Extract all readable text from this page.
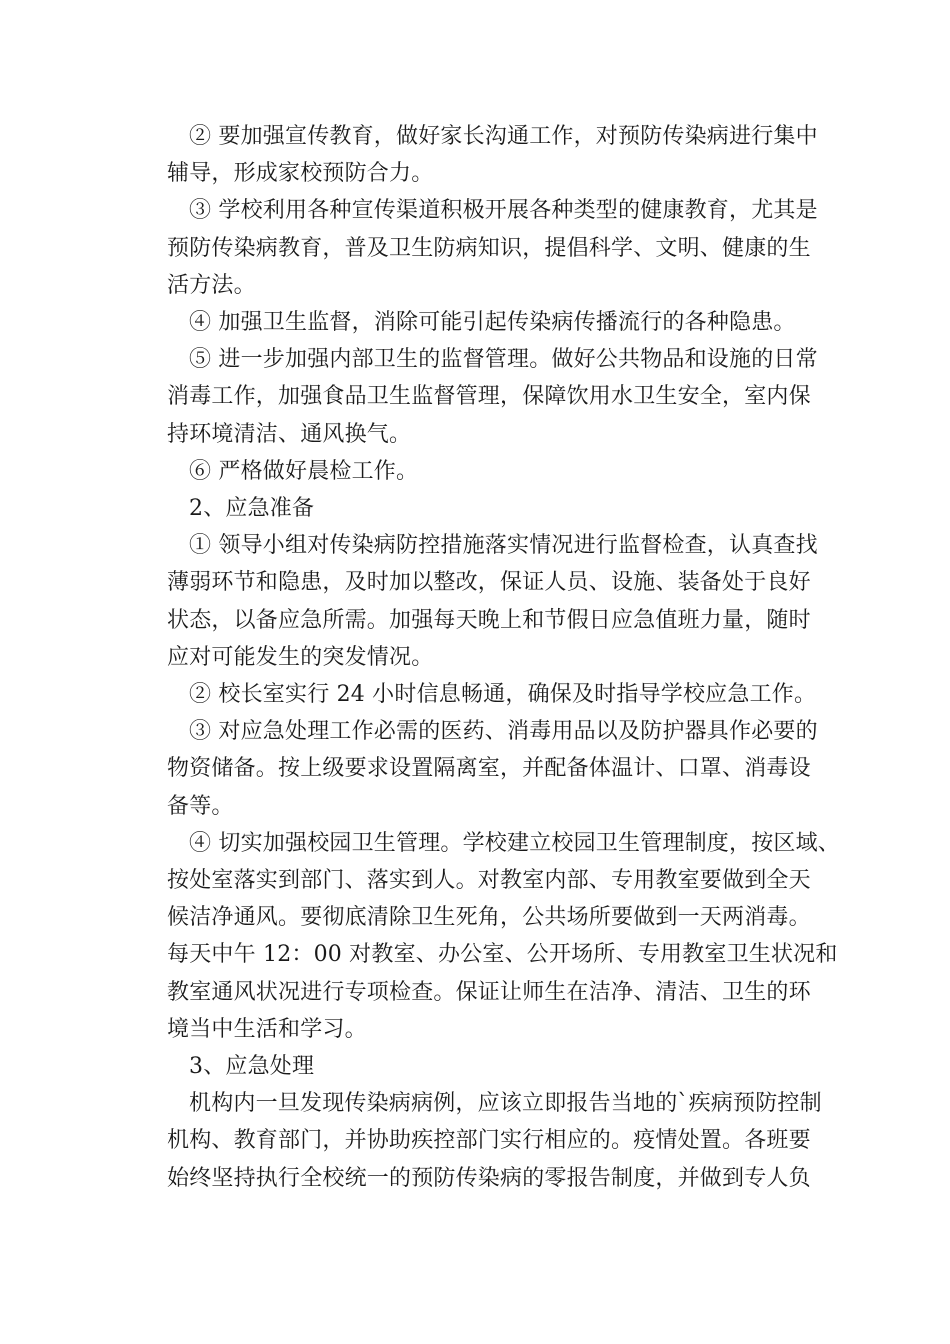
② 要加强宣传教育，做好家长沟通工作，对预防传染病进行集中
辅导，形成家校预防合力。
③ 学校利用各种宣传渠道积极开展各种类型的健康教育，尤其是
预防传染病教育，普及卫生防病知识，提倡科学、文明、健康的生
活方法。
④ 加强卫生监督，消除可能引起传染病传播流行的各种隐患。
⑤ 进一步加强内部卫生的监督管理。做好公共物品和设施的日常
消毒工作，加强食品卫生监督管理，保障饮用水卫生安全，室内保
持环境清洁、通风换气。
⑥ 严格做好晨检工作。
2、应急准备
① 领导小组对传染病防控措施落实情况进行监督检查，认真查找
薄弱环节和隐患，及时加以整改，保证人员、设施、装备处于良好
状态，以备应急所需。加强每天晚上和节假日应急值班力量，随时
应对可能发生的突发情况。
② 校长室实行 24 小时信息畅通，确保及时指导学校应急工作。
③ 对应急处理工作必需的医药、消毒用品以及防护器具作必要的
物资储备。按上级要求设置隔离室，并配备体温计、口罩、消毒设
备等。
④ 切实加强校园卫生管理。学校建立校园卫生管理制度，按区域、
按处室落实到部门、落实到人。对教室内部、专用教室要做到全天
候洁净通风。要彻底清除卫生死角，公共场所要做到一天两消毒。
每天中午 12：00 对教室、办公室、公开场所、专用教室卫生状况和
教室通风状况进行专项检查。保证让师生在洁净、清洁、卫生的环
境当中生活和学习。
3、应急处理
机构内一旦发现传染病病例，应该立即报告当地的`疾病预防控制
机构、教育部门，并协助疾控部门实行相应的。疫情处置。各班要
始终坚持执行全校统一的预防传染病的零报告制度，并做到专人负
